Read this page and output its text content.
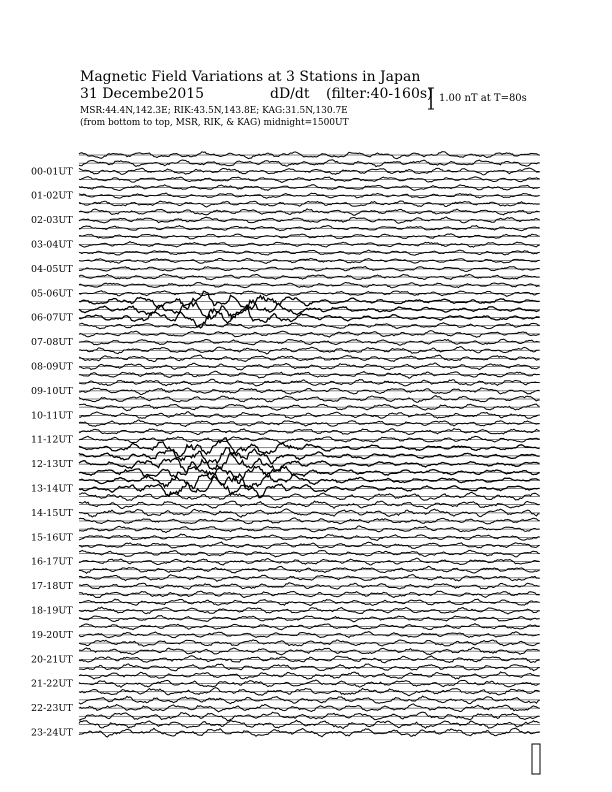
Magnetic Field Variations at 3 Stations in Japan
31 Decembe2015	dD/dt (filter:40-160s)
MSR:44.4N,142.3E; RIK:43.5N,143.8E; KAG:31.5N,130.7E
(from bottom to top, MSR, RIK, & KAG) midnight=1500UT
1.00 nT at T=80s
00-01UT
01-02UT
02-03UT
03-04UT
04-05UT
05-06UT
06-07UT
07-08UT
08-09UT
09-10UT
10-11UT
11-12UT
12-13UT
13-14UT
14-15UT
15-16UT
16-17UT
17-18UT
18-19UT
19-20UT
20-21UT
21-22UT
22-23UT
23-24UT
